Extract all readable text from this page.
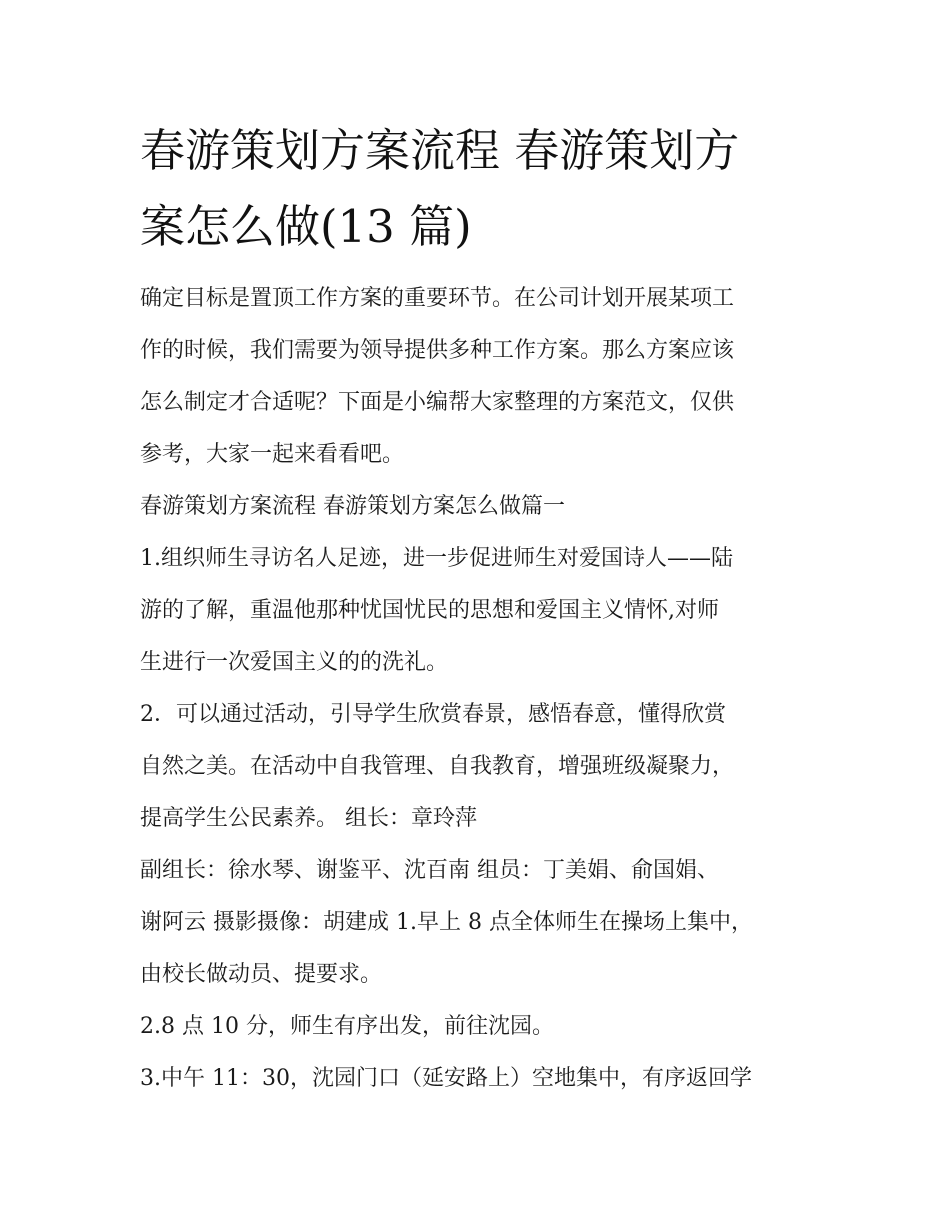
春游策划方案流程 春游策划方
案怎么做(13 篇)

确定目标是置顶工作方案的重要环节。在公司计划开展某项工
作的时候，我们需要为领导提供多种工作方案。那么方案应该
怎么制定才合适呢？下面是小编帮大家整理的方案范文，仅供
参考，大家一起来看看吧。

春游策划方案流程 春游策划方案怎么做篇一

1.组织师生寻访名人足迹，进一步促进师生对爱国诗人——陆
游的了解，重温他那种忧国忧民的思想和爱国主义情怀,对师
生进行一次爱国主义的的洗礼。

2．可以通过活动，引导学生欣赏春景，感悟春意，懂得欣赏
自然之美。在活动中自我管理、自我教育，增强班级凝聚力，
提高学生公民素养。 组长：章玲萍

副组长：徐水琴、谢鉴平、沈百南 组员：丁美娟、俞国娟、
谢阿云 摄影摄像：胡建成 1.早上 8 点全体师生在操场上集中，
由校长做动员、提要求。

2.8 点 10 分，师生有序出发，前往沈园。

3.中午 11：30，沈园门口（延安路上）空地集中，有序返回学
